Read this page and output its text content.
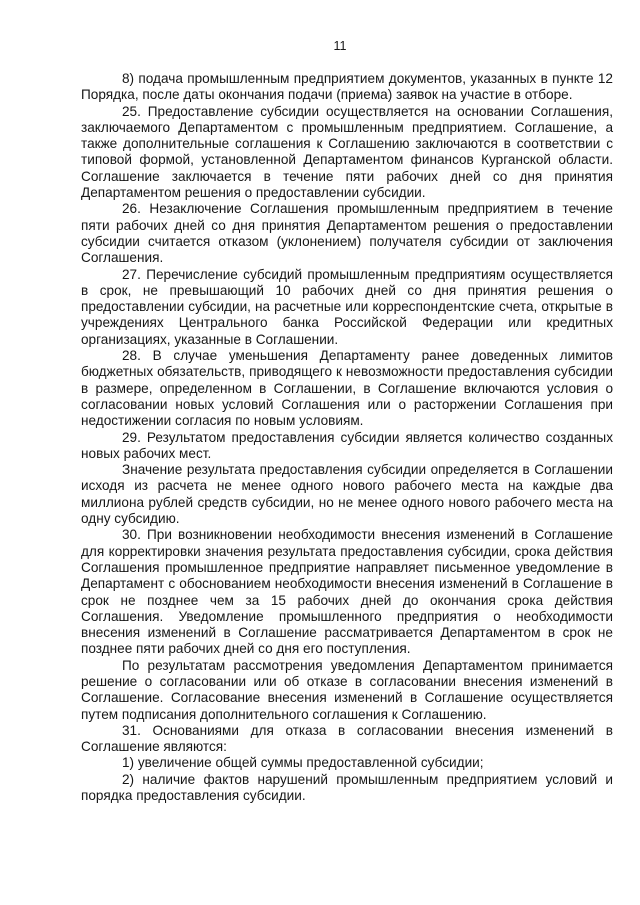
11

8) подача промышленным предприятием документов, указанных в пункте 12 Порядка, после даты окончания подачи (приема) заявок на участие в отборе.

25. Предоставление субсидии осуществляется на основании Соглашения, заключаемого Департаментом с промышленным предприятием. Соглашение, а также дополнительные соглашения к Соглашению заключаются в соответствии с типовой формой, установленной Департаментом финансов Курганской области. Соглашение заключается в течение пяти рабочих дней со дня принятия Департаментом решения о предоставлении субсидии.

26. Незаключение Соглашения промышленным предприятием в течение пяти рабочих дней со дня принятия Департаментом решения о предоставлении субсидии считается отказом (уклонением) получателя субсидии от заключения Соглашения.

27. Перечисление субсидий промышленным предприятиям осуществляется в срок, не превышающий 10 рабочих дней со дня принятия решения о предоставлении субсидии, на расчетные или корреспондентские счета, открытые в учреждениях Центрального банка Российской Федерации или кредитных организациях, указанные в Соглашении.

28. В случае уменьшения Департаменту ранее доведенных лимитов бюджетных обязательств, приводящего к невозможности предоставления субсидии в размере, определенном в Соглашении, в Соглашение включаются условия о согласовании новых условий Соглашения или о расторжении Соглашения при недостижении согласия по новым условиям.

29. Результатом предоставления субсидии является количество созданных новых рабочих мест.

Значение результата предоставления субсидии определяется в Соглашении исходя из расчета не менее одного нового рабочего места на каждые два миллиона рублей средств субсидии, но не менее одного нового рабочего места на одну субсидию.

30. При возникновении необходимости внесения изменений в Соглашение для корректировки значения результата предоставления субсидии, срока действия Соглашения промышленное предприятие направляет письменное уведомление в Департамент с обоснованием необходимости внесения изменений в Соглашение в срок не позднее чем за 15 рабочих дней до окончания срока действия Соглашения. Уведомление промышленного предприятия о необходимости внесения изменений в Соглашение рассматривается Департаментом в срок не позднее пяти рабочих дней со дня его поступления.

По результатам рассмотрения уведомления Департаментом принимается решение о согласовании или об отказе в согласовании внесения изменений в Соглашение. Согласование внесения изменений в Соглашение осуществляется путем подписания дополнительного соглашения к Соглашению.

31. Основаниями для отказа в согласовании внесения изменений в Соглашение являются:

1) увеличение общей суммы предоставленной субсидии;

2) наличие фактов нарушений промышленным предприятием условий и порядка предоставления субсидии.
